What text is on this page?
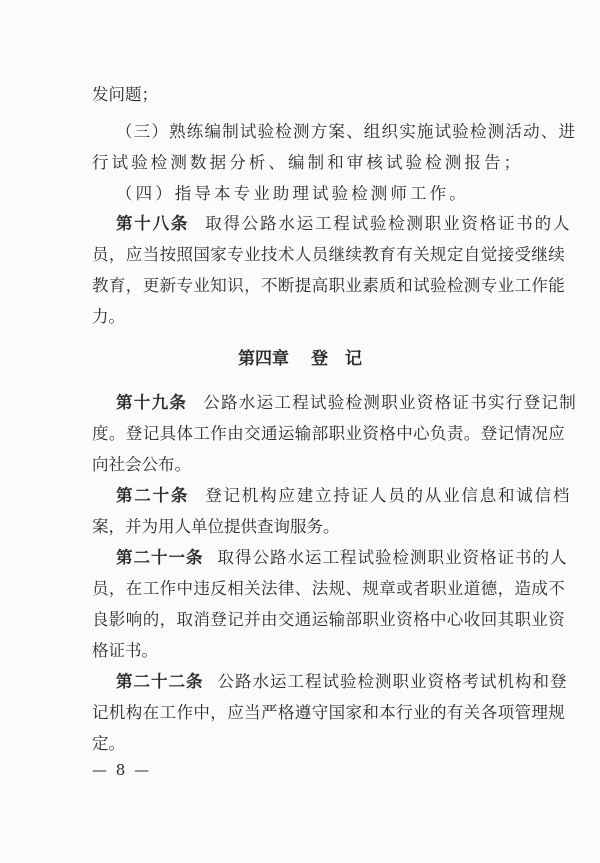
发问题；
（三）熟练编制试验检测方案、组织实施试验检测活动、进
行试验检测数据分析、编制和审核试验检测报告；
（四）指导本专业助理试验检测师工作。
第十八条 取得公路水运工程试验检测职业资格证书的人
员，应当按照国家专业技术人员继续教育有关规定自觉接受继续
教育，更新专业知识，不断提高职业素质和试验检测专业工作能
力。
第四章 登　记
第十九条 公路水运工程试验检测职业资格证书实行登记制
度。登记具体工作由交通运输部职业资格中心负责。登记情况应
向社会公布。
第二十条 登记机构应建立持证人员的从业信息和诚信档
案，并为用人单位提供查询服务。
第二十一条 取得公路水运工程试验检测职业资格证书的人
员，在工作中违反相关法律、法规、规章或者职业道德，造成不
良影响的，取消登记并由交通运输部职业资格中心收回其职业资
格证书。
第二十二条 公路水运工程试验检测职业资格考试机构和登
记机构在工作中，应当严格遵守国家和本行业的有关各项管理规
定。
— 8 —
